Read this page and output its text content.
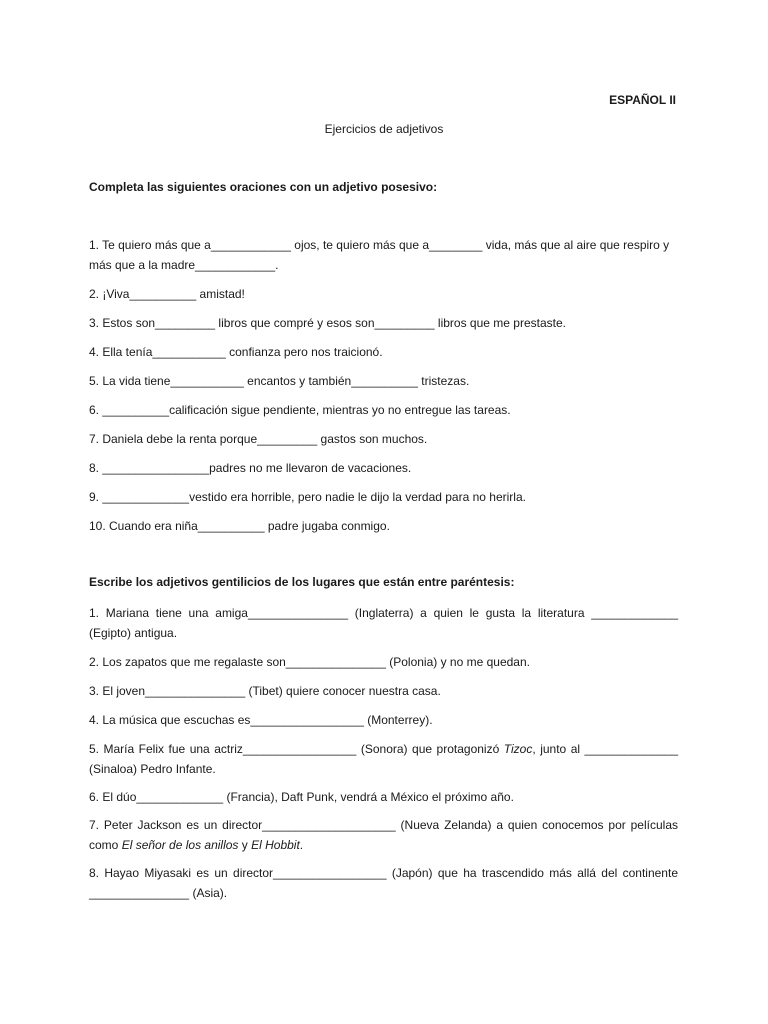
ESPAÑOL II
Ejercicios de adjetivos
Completa las siguientes oraciones con un adjetivo posesivo:
1. Te quiero más que a____________ ojos, te quiero más que a________ vida, más que al aire que respiro y más que a la madre____________.
2. ¡Viva__________ amistad!
3. Estos son_________ libros que compré y esos son_________ libros que me prestaste.
4. Ella tenía___________ confianza pero nos traicionó.
5. La vida tiene___________ encantos y también__________ tristezas.
6. __________calificación sigue pendiente, mientras yo no entregue las tareas.
7. Daniela debe la renta porque_________ gastos son muchos.
8. ________________padres no me llevaron de vacaciones.
9. _____________vestido era horrible, pero nadie le dijo la verdad para no herirla.
10. Cuando era niña__________ padre jugaba conmigo.
Escribe los adjetivos gentilicios de los lugares que están entre paréntesis:
1. Mariana tiene una amiga_______________ (Inglaterra) a quien le gusta la literatura _____________ (Egipto) antigua.
2. Los zapatos que me regalaste son_______________ (Polonia) y no me quedan.
3. El joven_______________ (Tibet) quiere conocer nuestra casa.
4. La música que escuchas es_________________ (Monterrey).
5. María Felix fue una actriz_________________ (Sonora) que protagonizó Tizoc, junto al ______________ (Sinaloa) Pedro Infante.
6. El dúo_____________ (Francia), Daft Punk, vendrá a México el próximo año.
7. Peter Jackson es un director____________________ (Nueva Zelanda) a quien conocemos por películas como El señor de los anillos y El Hobbit.
8. Hayao Miyasaki es un director_________________ (Japón) que ha trascendido más allá del continente _______________ (Asia).
